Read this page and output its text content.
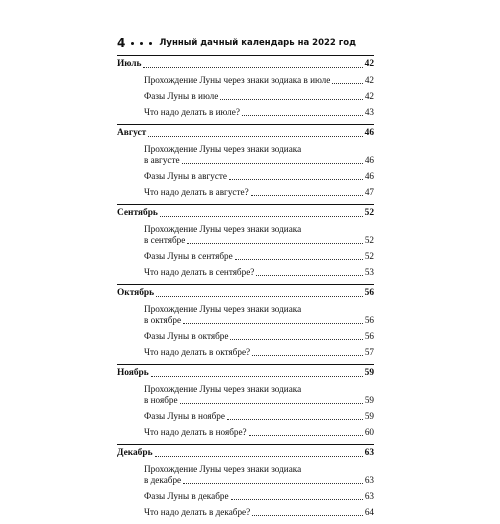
4	Лунный дачный календарь на 2022 год
Июль	42
Прохождение Луны через знаки зодиака в июле	42
Фазы Луны в июле	42
Что надо делать в июле?	43
Август	46
Прохождение Луны через знаки зодиака
в августе	46
Фазы Луны в августе	46
Что надо делать в августе?	47
Сентябрь	52
Прохождение Луны через знаки зодиака
в сентябре	52
Фазы Луны в сентябре	52
Что надо делать в сентябре?	53
Октябрь	56
Прохождение Луны через знаки зодиака
в октябре	56
Фазы Луны в октябре	56
Что надо делать в октябре?	57
Ноябрь	59
Прохождение Луны через знаки зодиака
в ноябре	59
Фазы Луны в ноябре	59
Что надо делать в ноябре?	60
Декабрь	63
Прохождение Луны через знаки зодиака
в декабре	63
Фазы Луны в декабре	63
Что надо делать в декабре?	64
